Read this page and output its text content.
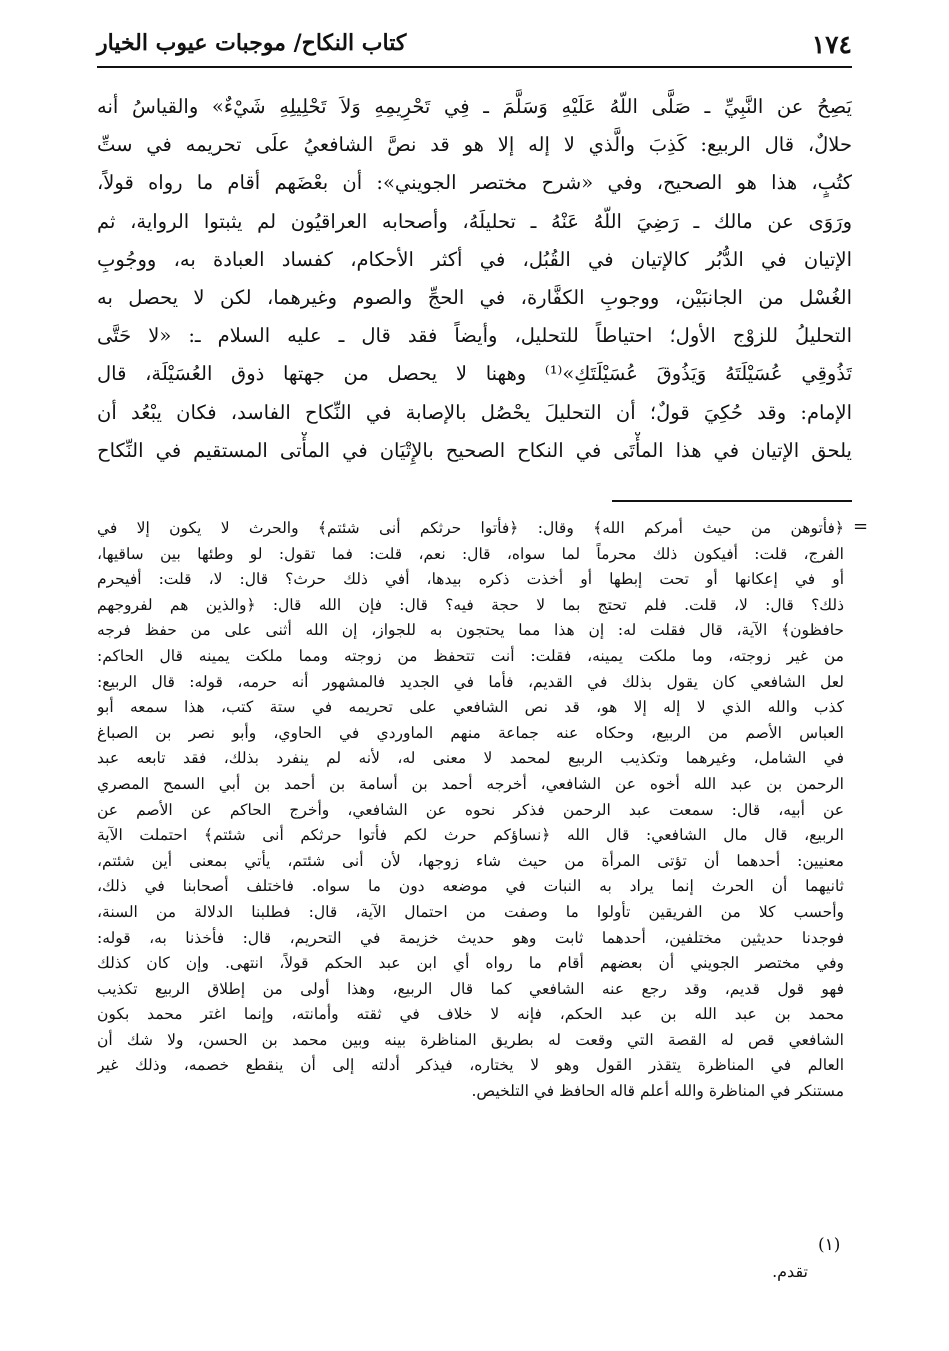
١٧٤
كتاب النكاح/ موجبات عيوب الخيار
يَصِحُ عن النَّبِيِّ ـ صَلَّى اللّهُ عَلَيْهِ وَسَلَّمَ ـ فِي تَحْرِيمِهِ وَلاَ تَحْلِيلِهِ شَيْءٌ» والقياسُ أنه
حلالٌ، قال الربيع: كَذِبَ والَّذي لا إله إلا هو قد نصَّ الشافعيُ علَى تحريمه في ستِّ
كتُبٍ، هذا هو الصحيح، وفي «شرح مختصر الجويني»: أن بعْضَهم أقام ما رواه قولاً،
ورَوَى عن مالك ـ رَضِيَ اللّهُ عَنْهُ ـ تحليلَهُ، وأصحابه العراقيُون لم يثبتوا الرواية، ثم
الإتيان في الدُّبُر كالإتيان في القُبُل، في أكثر الأحكام، كفساد العبادة به، ووجُوبِ
الغُسْل من الجانبَيْن، ووجوبِ الكفَّارة، في الحجِّ والصوم وغيرهما، لكن لا يحصل به
التحليلُ للزوْج الأول؛ احتياطاً للتحليل، وأيضاً فقد قال ـ عليه السلام ـ: «لا حَتَّى
تَذُوقِي عُسَيْلَتَهُ وَيَذُوقَ عُسَيْلَتَكِ»⁽¹⁾ وههنا لا يحصل من جهتها ذوق العُسَيْلَة، قال
الإمام: وقد حُكِيَ قولٌ؛ أن التحليلَ يحْصُل بالإصابة في النِّكاح الفاسد، فكان يبْعُد أن
يلحق الإتيان في هذا المأْتَى في النكاح الصحيح بالإِتْيَان في المأْتى المستقيم في النِّكاح
=
﴿فأتوهن من حيث أمركم الله﴾ وقال: ﴿فأتوا حرثكم أنى شئتم﴾ والحرث لا يكون إلا في
الفرج، قلت: أفيكون ذلك محرماً لما سواه، قال: نعم، قلت: فما تقول: لو وطئها بين ساقيها،
أو في إعكانها أو تحت إبطها أو أخذت ذكره بيدها، أفي ذلك حرث؟ قال: لا، قلت: أفيحرم
ذلك؟ قال: لا، قلت. فلم تحتج بما لا حجة فيه؟ قال: فإن الله قال: ﴿والذين هم لفروجهم
حافظون﴾ الآية، قال فقلت له: إن هذا مما يحتجون به للجواز، إن الله أثنى على من حفظ فرجه
من غير زوجته، وما ملكت يمينه، فقلت: أنت تتحفظ من زوجته ومما ملكت يمينه قال الحاكم:
لعل الشافعي كان يقول بذلك في القديم، فأما في الجديد فالمشهور أنه حرمه، قوله: قال الربيع:
كذب والله الذي لا إله إلا هو، قد نص الشافعي على تحريمه في ستة كتب، هذا سمعه أبو
العباس الأصم من الربيع، وحكاه عنه جماعة منهم الماوردي في الحاوي، وأبو نصر بن الصباغ
في الشامل، وغيرهما وتكذيب الربيع لمحمد لا معنى له، لأنه لم ينفرد بذلك، فقد تابعه عبد
الرحمن بن عبد الله أخوه عن الشافعي، أخرجه أحمد بن أسامة بن أحمد بن أبي السمح المصري
عن أبيه، قال: سمعت عبد الرحمن فذكر نحوه عن الشافعي، وأخرج الحاكم عن الأصم عن
الربيع، قال مال الشافعي: قال الله ﴿نساؤكم حرث لكم فأتوا حرثكم أنى شئتم﴾ احتملت الآية
معنيين: أحدهما أن تؤتى المرأة من حيث شاء زوجها، لأن أنى شئتم، يأتي بمعنى أين شئتم،
ثانيهما أن الحرث إنما يراد به النبات في موضعه دون ما سواه. فاختلف أصحابنا في ذلك،
وأحسب كلا من الفريقين تأولوا ما وصفت من احتمال الآية، قال: فطلبنا الدلالة من السنة،
فوجدنا حديثين مختلفين، أحدهما ثابت وهو حديث خزيمة في التحريم، قال: فأخذنا به، قوله:
وفي مختصر الجويني أن بعضهم أقام ما رواه أي ابن عبد الحكم قولاً، انتهى. وإن كان كذلك
فهو قول قديم، وقد رجع عنه الشافعي كما قال الربيع، وهذا أولى من إطلاق الربيع تكذيب
محمد بن عبد الله بن عبد الحكم، فإنه لا خلاف في ثقته وأمانته، وإنما اغتر محمد بكون
الشافعي قص له القصة التي وقعت له بطريق المناظرة بينه وبين محمد بن الحسن، ولا شك أن
العالم في المناظرة يتقذر القول وهو لا يختاره، فيذكر أدلته إلى أن ينقطع خصمه، وذلك غير
مستنكر في المناظرة والله أعلم قاله الحافظ في التلخيص.
(١)
تقدم.
